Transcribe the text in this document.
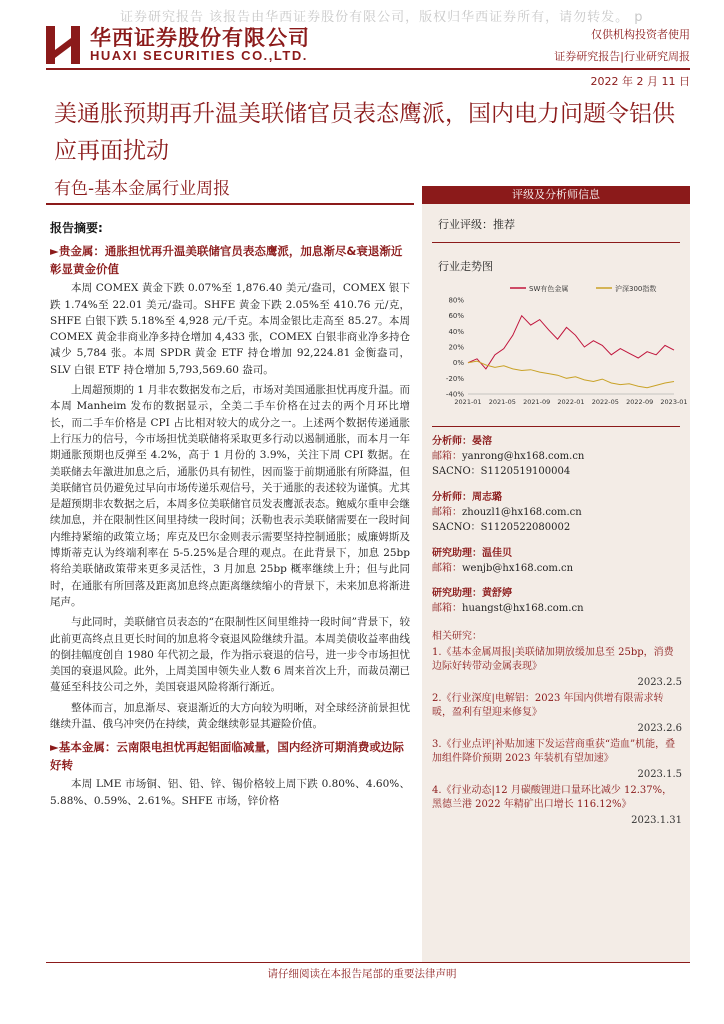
证券研究报告 该报告由华西证券股份有限公司，版权归华西证券所有，请勿转发。 p
华西证券股份有限公司
HUAXI SECURITIES CO.,LTD.
仅供机构投资者使用
证券研究报告|行业研究周报
2022 年 2 月 11 日
美通胀预期再升温美联储官员表态鹰派，国内电力问题令铝供应再面扰动
有色-基本金属行业周报
报告摘要:
►贵金属：通胀担忧再升温美联储官员表态鹰派，加息渐尽&衰退渐近彰显黄金价值

本周 COMEX 黄金下跌 0.07%至 1,876.40 美元/盎司，COMEX 银下跌 1.74%至 22.01 美元/盎司。SHFE 黄金下跌 2.05%至 410.76 元/克，SHFE 白银下跌 5.18%至 4,928 元/千克。本周金银比走高至 85.27。本周 COMEX 黄金非商业净多持仓增加 4,433 张，COMEX 白银非商业净多持仓减少 5,784 张。本周 SPDR 黄金 ETF 持仓增加 92,224.81 金衡盎司，SLV 白银 ETF 持仓增加 5,793,569.60 盎司。

上周超预期的 1 月非农数据发布之后，市场对美国通胀担忧再度升温。而本周 Manheim 发布的数据显示，全美二手车价格在过去的两个月环比增长，而二手车价格是 CPI 占比相对较大的成分之一。上述两个数据传递通胀上行压力的信号，今市场担忧美联储将采取更多行动以遏制通胀，而本月一年期通胀预期也反弹至 4.2%，高于 1 月份的 3.9%，关注下周 CPI 数据。在美联储去年激进加息之后，通胀仍具有韧性，因而鉴于前期通胀有所降温，但美联储官员仍避免过早向市场传递乐观信号，关于通胀的表述较为谨慎。尤其是超预期非农数据之后，本周多位美联储官员发表鹰派表态。鲍威尔重申会继续加息，并在限制性区间里持续一段时间；沃勒也表示美联储需要在一段时间内维持紧缩的政策立场；库克及巴尔金则表示需要坚持控制通胀；威廉姆斯及博斯蒂克认为终端利率在 5-5.25%是合理的观点。在此背景下，加息 25bp 将给美联储政策带来更多灵活性，3 月加息 25bp 概率继续上升；但与此同时，在通胀有所回落及距离加息终点距离继续缩小的背景下，未来加息将渐进尾声。

与此同时，美联储官员表态的“在限制性区间里维持一段时间”背景下，较此前更高终点且更长时间的加息将令衰退风险继续升温。本周美债收益率曲线的倒挂幅度创自 1980 年代初之最，作为指示衰退的信号，进一步令市场担忧美国的衰退风险。此外，上周美国申领失业人数 6 周来首次上升，而裁员潮已蔓延至科技公司之外，美国衰退风险将渐行渐近。

整体而言，加息渐尽、衰退渐近的大方向较为明晰，对全球经济前景担忧继续升温、俄乌冲突仍在持续，黄金继续彰显其避险价值。

►基本金属：云南限电担忧再起铝面临减量，国内经济可期消费或边际好转

本周 LME 市场铜、铝、铅、锌、锡价格较上周下跌 0.80%、4.60%、5.88%、0.59%、2.61%。SHFE 市场，锌价格

评级及分析师信息
行业评级：推荐
行业走势图
SW有色金属	沪深300指数
80%
60%
40%
20%
0%
-20%
-40%
2021-01 2021-05 2021-09 2022-01 2022-05 2022-09 2023-01
分析师：晏溶
邮箱：yanrong@hx168.com.cn
SACNO：S1120519100004
分析师：周志璐
邮箱：zhouzl1@hx168.com.cn
SACNO：S1120522080002
研究助理：温佳贝
邮箱：wenjb@hx168.com.cn
研究助理：黄舒婷
邮箱：huangst@hx168.com.cn
相关研究：
1.《基本金属周报|美联储加期放缓加息至 25bp，消费边际好转带动金属表现》
2023.2.5
2.《行业深度|电解铝：2023 年国内供增有限需求转暖，盈利有望迎来修复》
2023.2.6
3.《行业点评|补贴加速下发运营商重获“造血”机能，叠加组件降价预期 2023 年装机有望加速》
2023.1.5
4.《行业动态|12 月碳酸锂进口量环比减少 12.37%，黑德兰港 2022 年精矿出口增长 116.12%》
2023.1.31
请仔细阅读在本报告尾部的重要法律声明
